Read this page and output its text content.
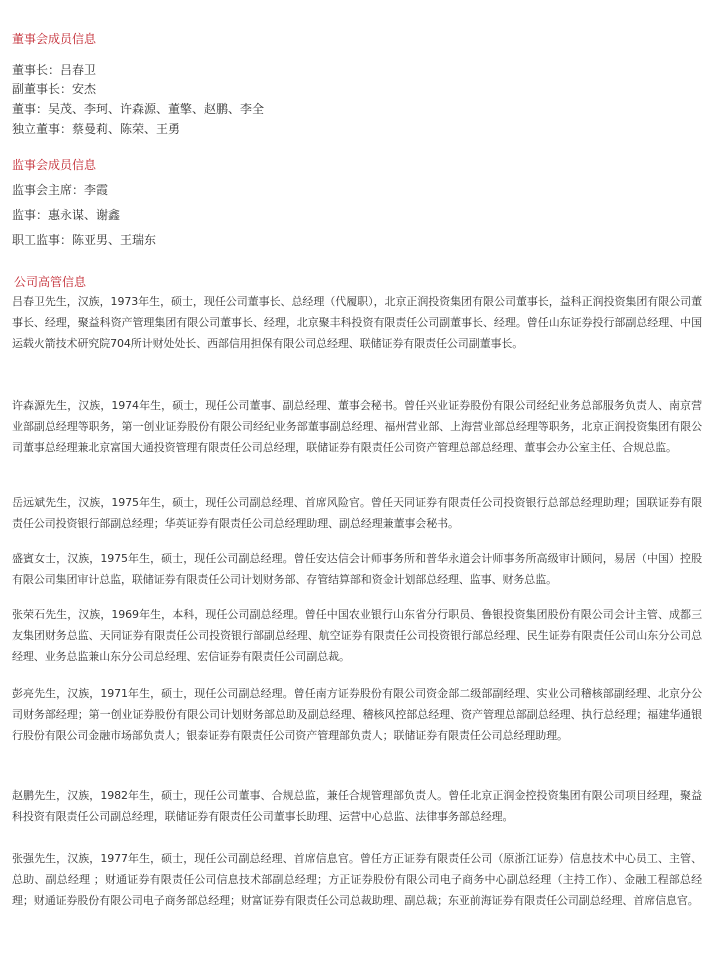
董事会成员信息
董事长：吕春卫
副董事长：安杰
董事：吴茂、李珂、许森源、董擎、赵鹏、李全
独立董事：蔡曼莉、陈荣、王勇
监事会成员信息
监事会主席：李霞
监事：惠永谋、谢鑫
职工监事：陈亚男、王瑞东
公司高管信息
吕春卫先生，汉族，1973年生，硕士，现任公司董事长、总经理（代履职），北京正润投资集团有限公司董事长，益科正润投资集团有限公司董事长、经理，聚益科资产管理集团有限公司董事长、经理，北京聚丰科投资有限责任公司副董事长、经理。曾任山东证券投行部副总经理、中国运载火箭技术研究院704所计财处处长、西部信用担保有限公司总经理、联储证券有限责任公司副董事长。
许森源先生，汉族，1974年生，硕士，现任公司董事、副总经理、董事会秘书。曾任兴业证券股份有限公司经纪业务总部服务负责人、南京营业部副总经理等职务，第一创业证券股份有限公司经纪业务部董事副总经理、福州营业部、上海营业部总经理等职务，北京正润投资集团有限公司董事总经理兼北京富国大通投资管理有限责任公司总经理，联储证券有限责任公司资产管理总部总经理、董事会办公室主任、合规总监。
岳远斌先生，汉族，1975年生，硕士，现任公司副总经理、首席风险官。曾任天同证券有限责任公司投资银行总部总经理助理；国联证券有限责任公司投资银行部副总经理；华英证券有限责任公司总经理助理、副总经理兼董事会秘书。
盛賓女士，汉族，1975年生，硕士，现任公司副总经理。曾任安达信会计师事务所和普华永道会计师事务所高级审计顾问，易居（中国）控股有限公司集团审计总监，联储证券有限责任公司计划财务部、存管结算部和资金计划部总经理、监事、财务总监。
张荣石先生，汉族，1969年生，本科，现任公司副总经理。曾任中国农业银行山东省分行职员、鲁银投资集团股份有限公司会计主管、成都三友集团财务总监、天同证券有限责任公司投资银行部副总经理、航空证券有限责任公司投资银行部总经理、民生证券有限责任公司山东分公司总经理、业务总监兼山东分公司总经理、宏信证券有限责任公司副总裁。
彭亮先生，汉族，1971年生，硕士，现任公司副总经理。曾任南方证券股份有限公司资金部二级部副经理、实业公司稽核部副经理、北京分公司财务部经理；第一创业证券股份有限公司计划财务部总助及副总经理、稽核风控部总经理、资产管理总部副总经理、执行总经理；福建华通银行股份有限公司金融市场部负责人；银泰证券有限责任公司资产管理部负责人；联储证券有限责任公司总经理助理。
赵鹏先生，汉族，1982年生，硕士，现任公司董事、合规总监，兼任合规管理部负责人。曾任北京正润金控投资集团有限公司项目经理，聚益科投资有限责任公司副总经理，联储证券有限责任公司董事长助理、运营中心总监、法律事务部总经理。
张强先生，汉族，1977年生，硕士，现任公司副总经理、首席信息官。曾任方正证券有限责任公司（原浙江证券）信息技术中心员工、主管、总助、副总经理 ；财通证券有限责任公司信息技术部副总经理；方正证券股份有限公司电子商务中心副总经理（主持工作）、金融工程部总经理；财通证券股份有限公司电子商务部总经理；财富证券有限责任公司总裁助理、副总裁；东亚前海证券有限责任公司副总经理、首席信息官。
